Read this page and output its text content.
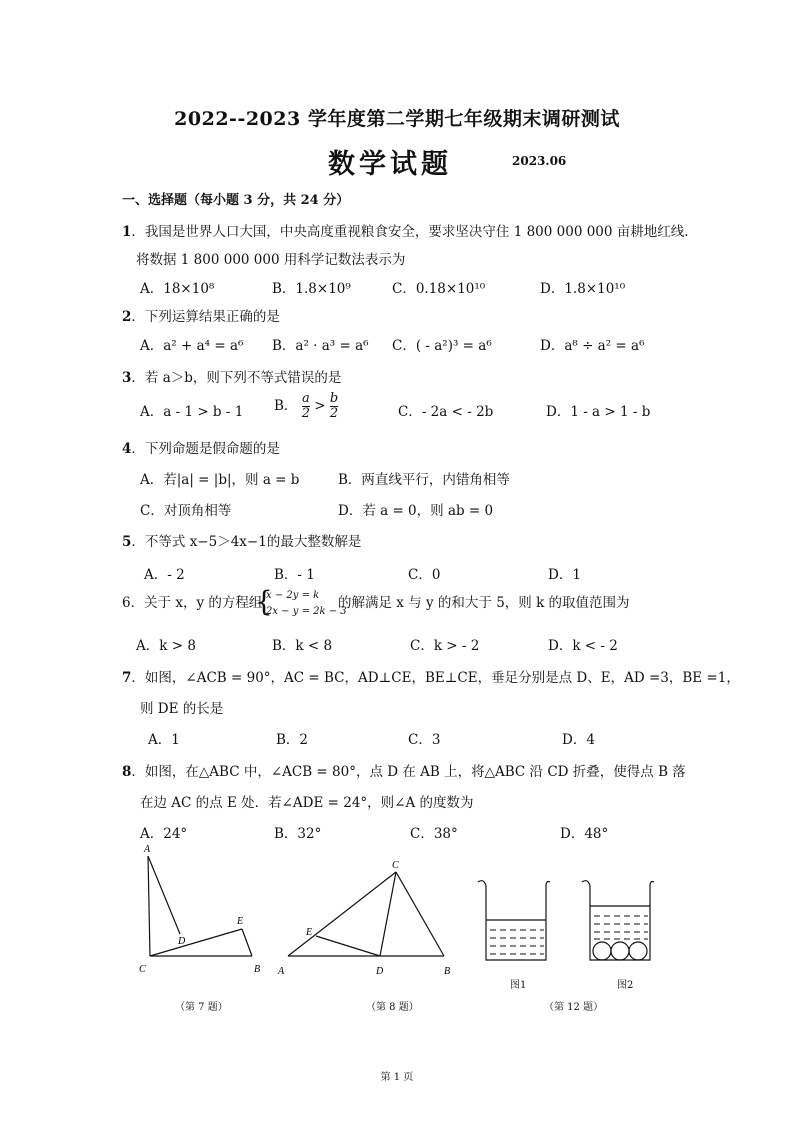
2022--2023 学年度第二学期七年级期末调研测试
数学试题	2023.06
一、选择题（每小题 3 分，共 24 分）
1．我国是世界人口大国，中央高度重视粮食安全，要求坚决守住 1 800 000 000 亩耕地红线.
将数据 1 800 000 000 用科学记数法表示为
A．18×10⁸	B．1.8×10⁹	C．0.18×10¹⁰	D．1.8×10¹⁰
2．下列运算结果正确的是
A．a² + a⁴ = a⁶ B．a² · a³ = a⁶ C．( - a²)³ = a⁶	D．a⁸ ÷ a² = a⁶
3．若 a＞b，则下列不等式错误的是
A．a - 1 > b - 1 B． $\frac{a}{2} > \frac{b}{2}$	C．- 2a < - 2b	D．1 - a > 1 - b
4．下列命题是假命题的是
A．若|a| = |b|，则 a = b	B．两直线平行，内错角相等
C．对顶角相等	D．若 a = 0，则 ab = 0
5．不等式 x−5＞4x−1的最大整数解是
A．- 2	B．- 1	C．0	D．1
6．关于 x，y 的方程组
{
x − 2y = k
2x − y = 2k − 3
的解满足 x 与 y 的和大于 5，则 k 的取值范围为
A．k > 8	B．k < 8	C．k > - 2	D．k < - 2
7．如图，∠ACB = 90°，AC = BC，AD⊥CE，BE⊥CE，垂足分别是点 D、E，AD =3，BE =1，
则 DE 的长是
A．1	B．2	C．3	D．4
8．如图，在△ABC 中，∠ACB = 80°，点 D 在 AB 上，将△ABC 沿 CD 折叠，使得点 B 落
在边 AC 的点 E 处．若∠ADE = 24°，则∠A 的度数为
A．24°	B．32°	C．38°	D．48°
A
D
E
C	B
（第 7 题）
C
E
A	D	B
（第 8 题）
图1	图2
（第 12 题）
第 1 页
